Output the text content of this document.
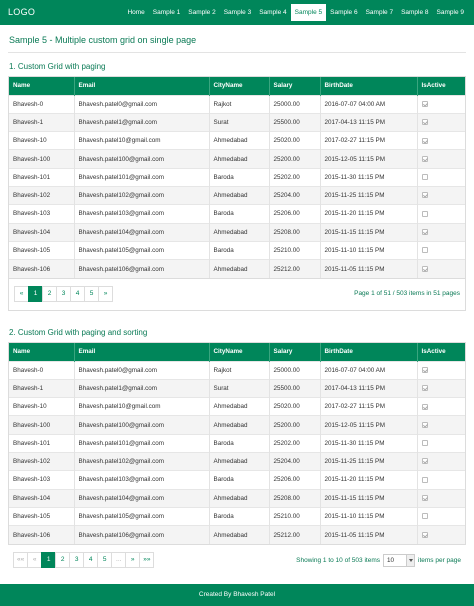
LOGO	Home	Sample 1	Sample 2	Sample 3	Sample 4	Sample 5	Sample 6	Sample 7	Sample 8	Sample 9
Sample 5 - Multiple custom grid on single page
1. Custom Grid with paging
Name	Email	CityName	Salary	BirthDate	IsActive
Bhavesh-0	Bhavesh.patel0@gmail.com	Rajkot	25000.00	2016-07-07 04:00 AM	
Bhavesh-1	Bhavesh.patel1@gmail.com	Surat	25500.00	2017-04-13 11:15 PM	
Bhavesh-10	Bhavesh.patel10@gmail.com	Ahmedabad	25020.00	2017-02-27 11:15 PM	
Bhavesh-100	Bhavesh.patel100@gmail.com	Ahmedabad	25200.00	2015-12-05 11:15 PM	
Bhavesh-101	Bhavesh.patel101@gmail.com	Baroda	25202.00	2015-11-30 11:15 PM	
Bhavesh-102	Bhavesh.patel102@gmail.com	Ahmedabad	25204.00	2015-11-25 11:15 PM	
Bhavesh-103	Bhavesh.patel103@gmail.com	Baroda	25206.00	2015-11-20 11:15 PM	
Bhavesh-104	Bhavesh.patel104@gmail.com	Ahmedabad	25208.00	2015-11-15 11:15 PM	
Bhavesh-105	Bhavesh.patel105@gmail.com	Baroda	25210.00	2015-11-10 11:15 PM	
Bhavesh-106	Bhavesh.patel106@gmail.com	Ahmedabad	25212.00	2015-11-05 11:15 PM	
«	1	2	3	4	5	»	Page 1 of 51 / 503 items in 51 pages
2. Custom Grid with paging and sorting
Name	Email	CityName	Salary	BirthDate	IsActive
Bhavesh-0	Bhavesh.patel0@gmail.com	Rajkot	25000.00	2016-07-07 04:00 AM	
Bhavesh-1	Bhavesh.patel1@gmail.com	Surat	25500.00	2017-04-13 11:15 PM	
Bhavesh-10	Bhavesh.patel10@gmail.com	Ahmedabad	25020.00	2017-02-27 11:15 PM	
Bhavesh-100	Bhavesh.patel100@gmail.com	Ahmedabad	25200.00	2015-12-05 11:15 PM	
Bhavesh-101	Bhavesh.patel101@gmail.com	Baroda	25202.00	2015-11-30 11:15 PM	
Bhavesh-102	Bhavesh.patel102@gmail.com	Ahmedabad	25204.00	2015-11-25 11:15 PM	
Bhavesh-103	Bhavesh.patel103@gmail.com	Baroda	25206.00	2015-11-20 11:15 PM	
Bhavesh-104	Bhavesh.patel104@gmail.com	Ahmedabad	25208.00	2015-11-15 11:15 PM	
Bhavesh-105	Bhavesh.patel105@gmail.com	Baroda	25210.00	2015-11-10 11:15 PM	
Bhavesh-106	Bhavesh.patel106@gmail.com	Ahmedabad	25212.00	2015-11-05 11:15 PM	
««	«	1	2	3	4	5	...	»	»»	Showing 1 to 10 of 503 items	10	items per page
Created By Bhavesh Patel
